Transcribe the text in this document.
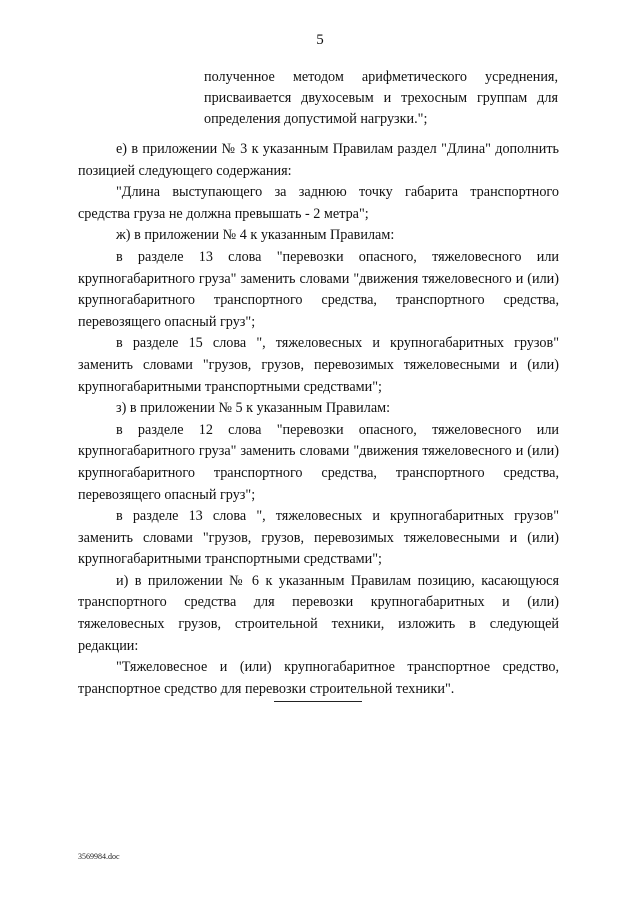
5
полученное методом арифметического усреднения, присваивается двухосевым и трехосным группам для определения допустимой нагрузки.";

е) в приложении № 3 к указанным Правилам раздел "Длина" дополнить позицией следующего содержания:

"Длина выступающего за заднюю точку габарита транспортного средства груза не должна превышать - 2 метра";

ж) в приложении № 4 к указанным Правилам:

в разделе 13 слова "перевозки опасного, тяжеловесного или крупногабаритного груза" заменить словами "движения тяжеловесного и (или) крупногабаритного транспортного средства, транспортного средства, перевозящего опасный груз";

в разделе 15 слова ", тяжеловесных и крупногабаритных грузов" заменить словами "грузов, грузов, перевозимых тяжеловесными и (или) крупногабаритными транспортными средствами";

з) в приложении № 5 к указанным Правилам:

в разделе 12 слова "перевозки опасного, тяжеловесного или крупногабаритного груза" заменить словами "движения тяжеловесного и (или) крупногабаритного транспортного средства, транспортного средства, перевозящего опасный груз";

в разделе 13 слова ", тяжеловесных и крупногабаритных грузов" заменить словами "грузов, грузов, перевозимых тяжеловесными и (или) крупногабаритными транспортными средствами";

и) в приложении № 6 к указанным Правилам позицию, касающуюся транспортного средства для перевозки крупногабаритных и (или) тяжеловесных грузов, строительной техники, изложить в следующей редакции:

"Тяжеловесное и (или) крупногабаритное транспортное средство, транспортное средство для перевозки строительной техники".

3569984.doc
